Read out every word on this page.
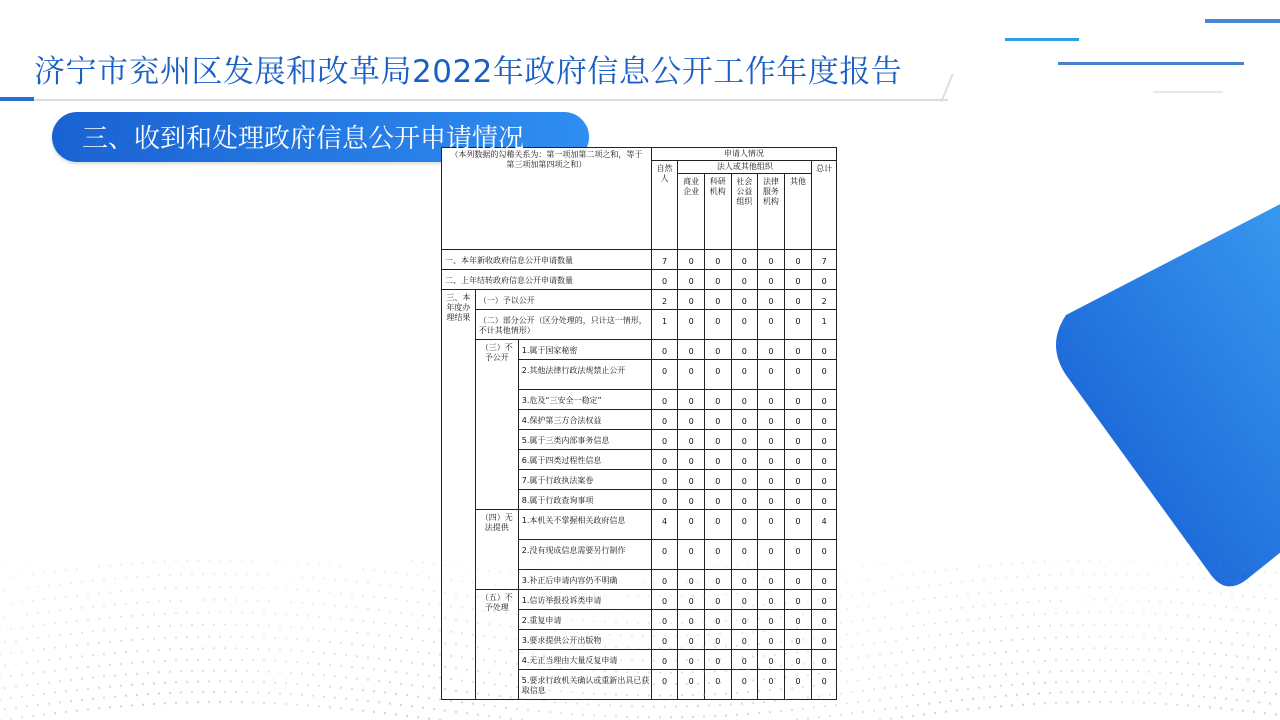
济宁市兖州区发展和改革局2022年政府信息公开工作年度报告
（本列数据的勾稽关系为：第一项加第二项之和，等于第三项加第四项之和）			申请人情况						
			自然人	法人或其他组织					总计
				商业企业	科研机构	社会公益组织	法律服务机构	其他	
一、本年新收政府信息公开申请数量			7	0	0	0	0	0	7
二、上年结转政府信息公开申请数量			0	0	0	0	0	0	0
三、本年度办理结果	（一）予以公开		2	0	0	0	0	0	2
	（二）部分公开（区分处理的，只计这一情形，不计其他情形）		1	0	0	0	0	0	1
	（三）不予公开	1.属于国家秘密	0	0	0	0	0	0	0
		2.其他法律行政法规禁止公开	0	0	0	0	0	0	0
		3.危及“三安全一稳定”	0	0	0	0	0	0	0
		4.保护第三方合法权益	0	0	0	0	0	0	0
		5.属于三类内部事务信息	0	0	0	0	0	0	0
		6.属于四类过程性信息	0	0	0	0	0	0	0
		7.属于行政执法案卷	0	0	0	0	0	0	0
		8.属于行政查询事项	0	0	0	0	0	0	0
	（四）无法提供	1.本机关不掌握相关政府信息	4	0	0	0	0	0	4
		2.没有现成信息需要另行制作	0	0	0	0	0	0	0
		3.补正后申请内容仍不明确	0	0	0	0	0	0	0
	（五）不予处理	1.信访举报投诉类申请	0	0	0	0	0	0	0
		2.重复申请	0	0	0	0	0	0	0
		3.要求提供公开出版物	0	0	0	0	0	0	0
		4.无正当理由大量反复申请	0	0	0	0	0	0	0
		5.要求行政机关确认或重新出具已获取信息	0	0	0	0	0	0	0
三、收到和处理政府信息公开申请情况
